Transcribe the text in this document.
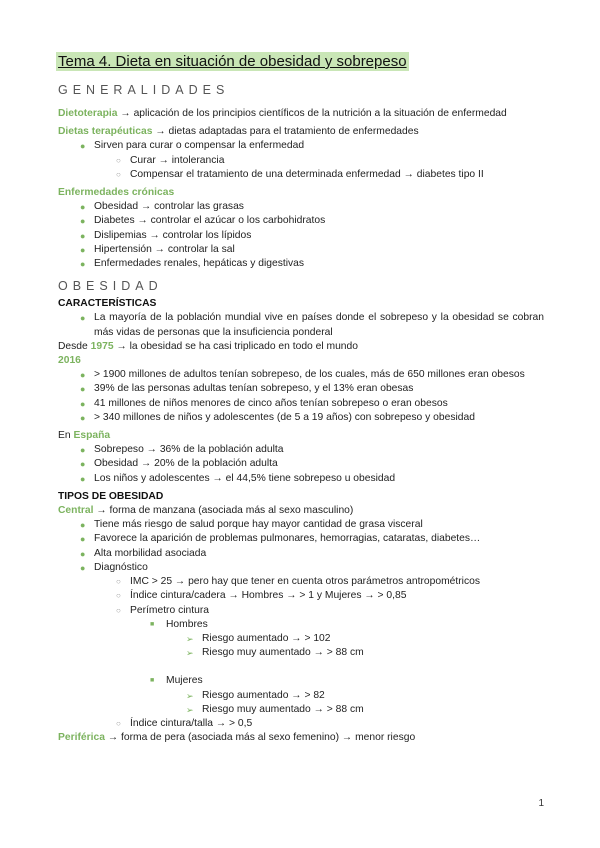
Tema 4. Dieta en situación de obesidad y sobrepeso
GENERALIDADES
Dietoterapia → aplicación de los principios científicos de la nutrición a la situación de enfermedad
Dietas terapéuticas → dietas adaptadas para el tratamiento de enfermedades
● Sirven para curar o compensar la enfermedad
○ Curar → intolerancia
○ Compensar el tratamiento de una determinada enfermedad → diabetes tipo II
Enfermedades crónicas
● Obesidad → controlar las grasas
● Diabetes → controlar el azúcar o los carbohidratos
● Dislipemias → controlar los lípidos
● Hipertensión → controlar la sal
● Enfermedades renales, hepáticas y digestivas
OBESIDAD
CARACTERÍSTICAS
● La mayoría de la población mundial vive en países donde el sobrepeso y la obesidad se cobran más vidas de personas que la insuficiencia ponderal
Desde 1975 → la obesidad se ha casi triplicado en todo el mundo
2016
● > 1900 millones de adultos tenían sobrepeso, de los cuales, más de 650 millones eran obesos
● 39% de las personas adultas tenían sobrepeso, y el 13% eran obesas
● 41 millones de niños menores de cinco años tenían sobrepeso o eran obesos
● > 340 millones de niños y adolescentes (de 5 a 19 años) con sobrepeso y obesidad
En España
● Sobrepeso → 36% de la población adulta
● Obesidad → 20% de la población adulta
● Los niños y adolescentes → el 44,5% tiene sobrepeso u obesidad
TIPOS DE OBESIDAD
Central → forma de manzana (asociada más al sexo masculino)
● Tiene más riesgo de salud porque hay mayor cantidad de grasa visceral
● Favorece la aparición de problemas pulmonares, hemorragias, cataratas, diabetes…
● Alta morbilidad asociada
● Diagnóstico
○ IMC > 25 → pero hay que tener en cuenta otros parámetros antropométricos
○ Índice cintura/cadera → Hombres → > 1 y Mujeres → > 0,85
○ Perímetro cintura
■ Hombres
➢ Riesgo aumentado → > 102
➢ Riesgo muy aumentado → > 88 cm
■ Mujeres
➢ Riesgo aumentado → > 82
➢ Riesgo muy aumentado → > 88 cm
○ Índice cintura/talla → > 0,5
Periférica → forma de pera (asociada más al sexo femenino) → menor riesgo
1
